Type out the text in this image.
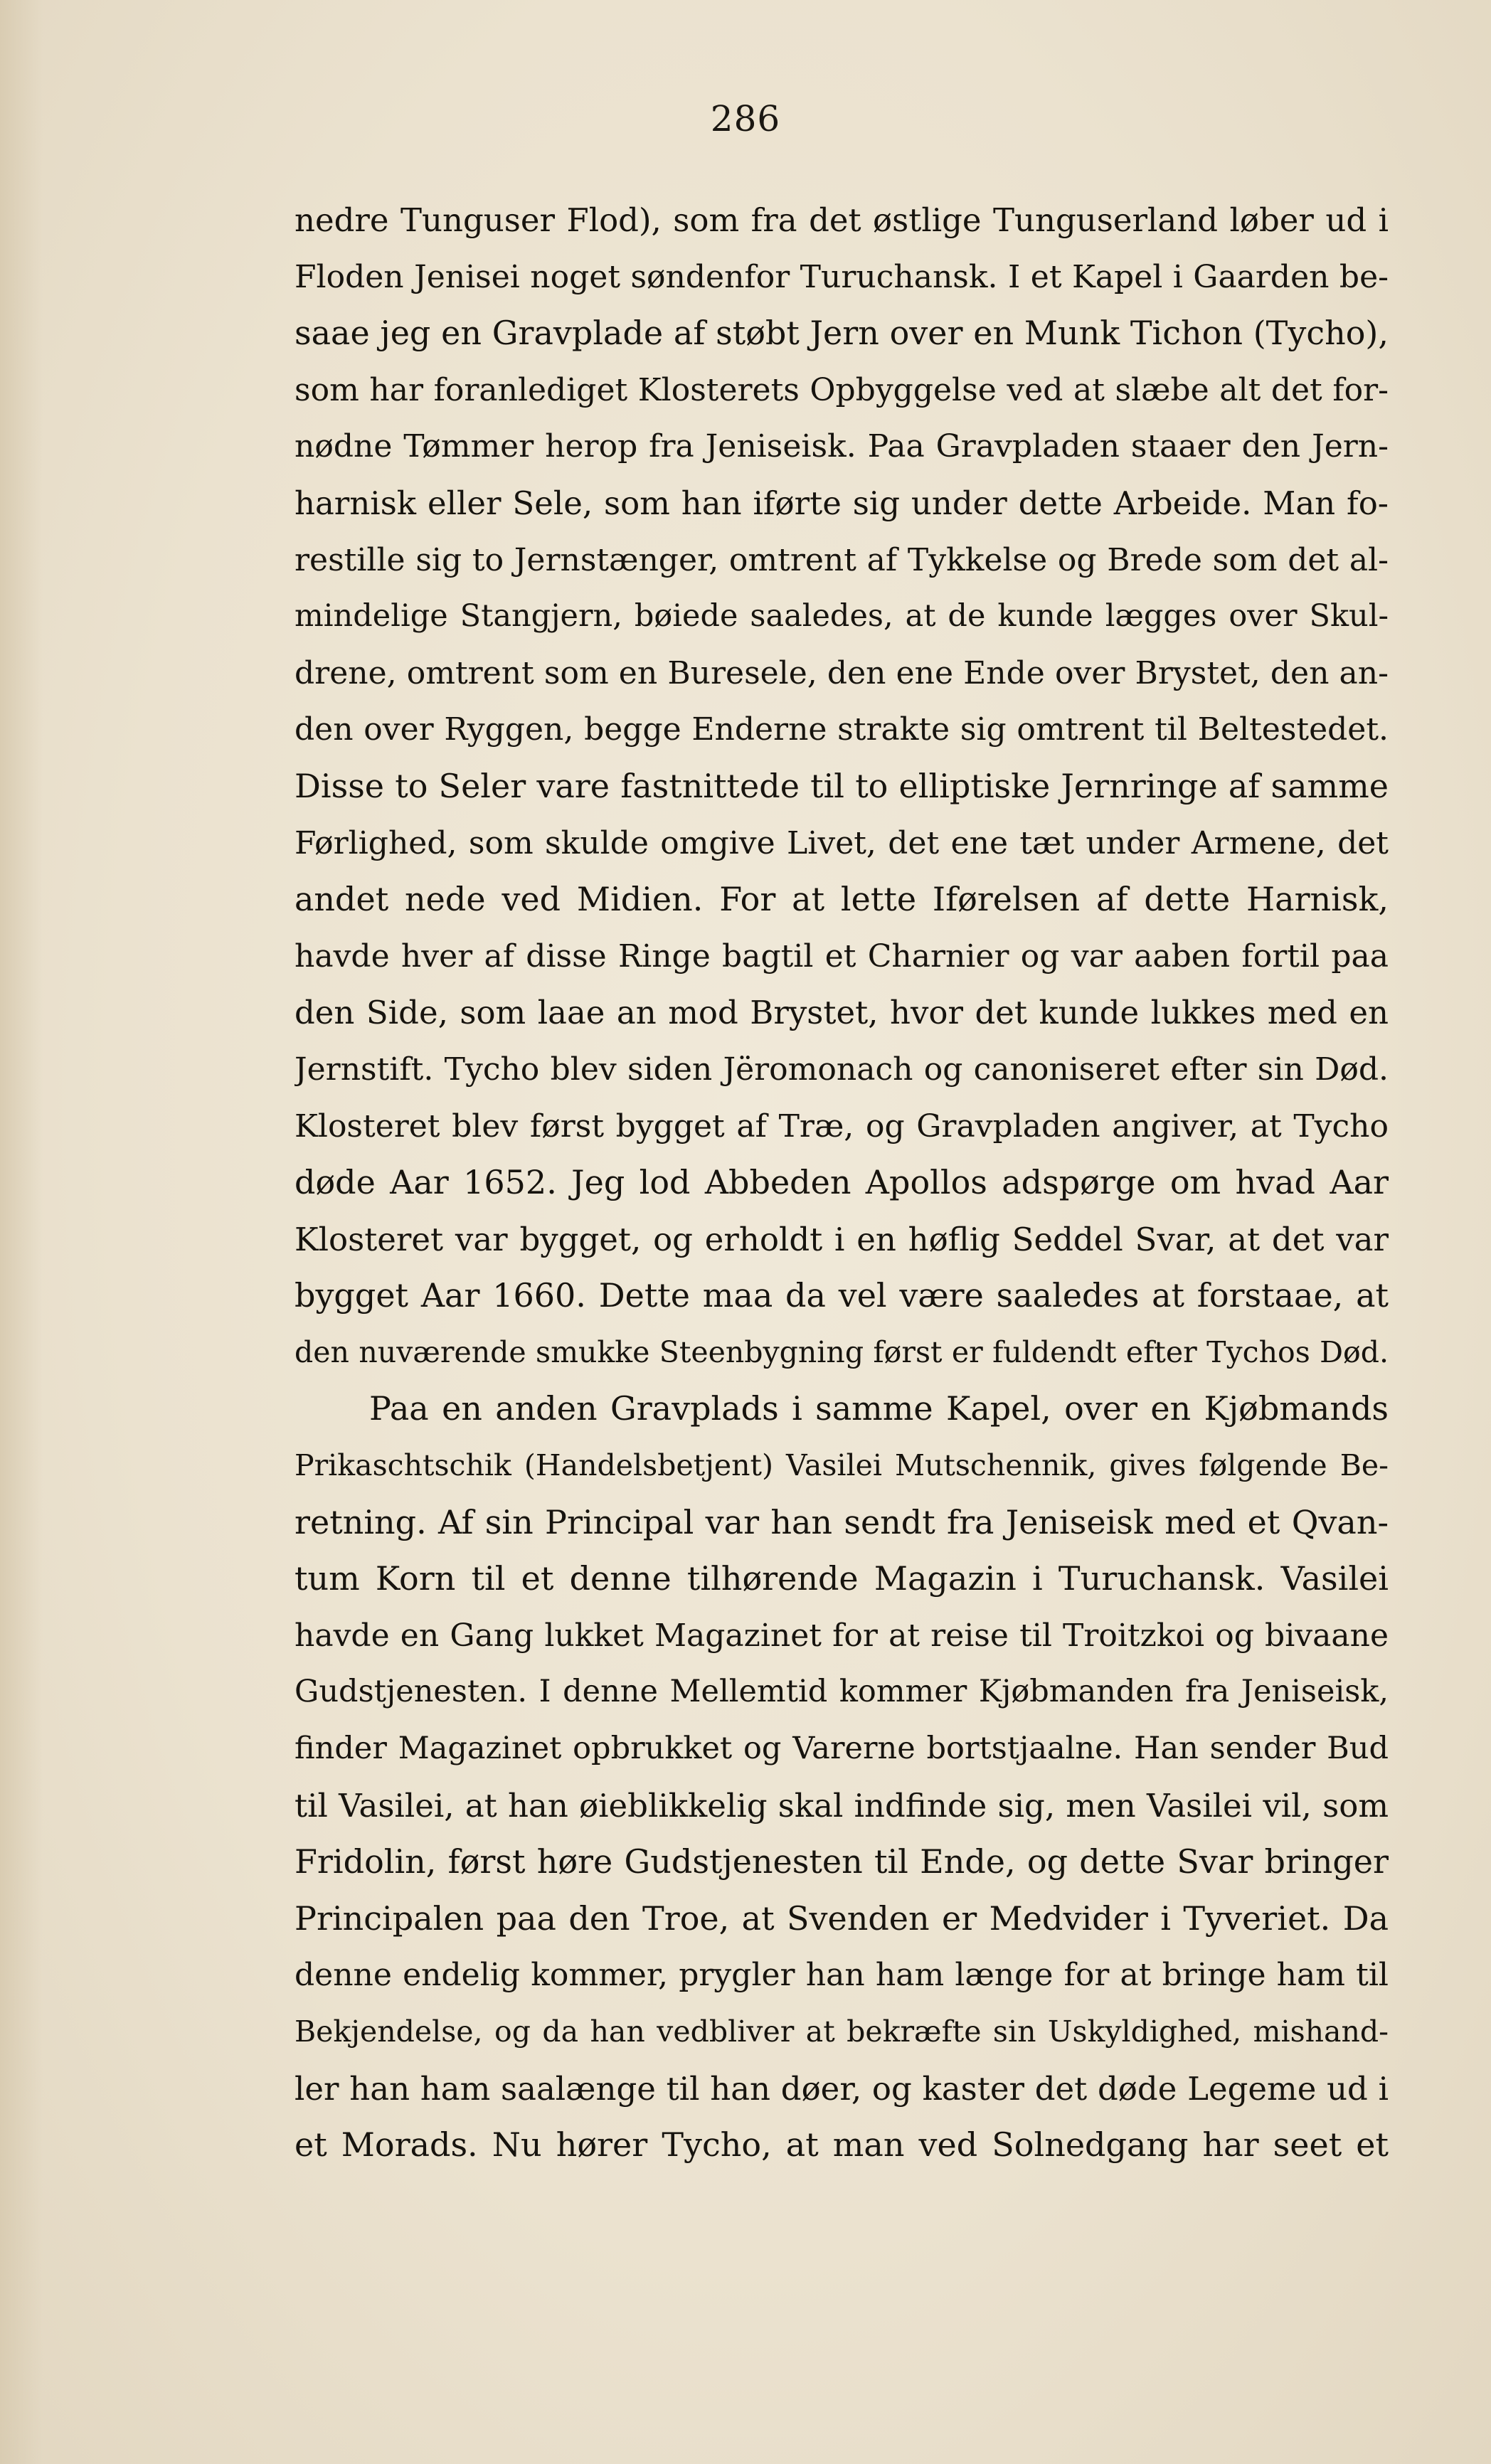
286
nedre Tunguser Flod), som fra det østlige Tunguserland løber ud i
Floden Jenisei noget søndenfor Turuchansk. I et Kapel i Gaarden be-
saae jeg en Gravplade af støbt Jern over en Munk Tichon (Tycho),
som har foranlediget Klosterets Opbyggelse ved at slæbe alt det for-
nødne Tømmer herop fra Jeniseisk. Paa Gravpladen staaer den Jern-
harnisk eller Sele, som han iførte sig under dette Arbeide. Man fo-
restille sig to Jernstænger, omtrent af Tykkelse og Brede som det al-
mindelige Stangjern, bøiede saaledes, at de kunde lægges over Skul-
drene, omtrent som en Buresele, den ene Ende over Brystet, den an-
den over Ryggen, begge Enderne strakte sig omtrent til Beltestedet.
Disse to Seler vare fastnittede til to elliptiske Jernringe af samme
Førlighed, som skulde omgive Livet, det ene tæt under Armene, det
andet nede ved Midien. For at lette Iførelsen af dette Harnisk,
havde hver af disse Ringe bagtil et Charnier og var aaben fortil paa
den Side, som laae an mod Brystet, hvor det kunde lukkes med en
Jernstift. Tycho blev siden Jëromonach og canoniseret efter sin Død.
Klosteret blev først bygget af Træ, og Gravpladen angiver, at Tycho
døde Aar 1652. Jeg lod Abbeden Apollos adspørge om hvad Aar
Klosteret var bygget, og erholdt i en høflig Seddel Svar, at det var
bygget Aar 1660. Dette maa da vel være saaledes at forstaae, at
den nuværende smukke Steenbygning først er fuldendt efter Tychos Død.
Paa en anden Gravplads i samme Kapel, over en Kjøbmands
Prikaschtschik (Handelsbetjent) Vasilei Mutschennik, gives følgende Be-
retning. Af sin Principal var han sendt fra Jeniseisk med et Qvan-
tum Korn til et denne tilhørende Magazin i Turuchansk. Vasilei
havde en Gang lukket Magazinet for at reise til Troitzkoi og bivaane
Gudstjenesten. I denne Mellemtid kommer Kjøbmanden fra Jeniseisk,
finder Magazinet opbrukket og Varerne bortstjaalne. Han sender Bud
til Vasilei, at han øieblikkelig skal indfinde sig, men Vasilei vil, som
Fridolin, først høre Gudstjenesten til Ende, og dette Svar bringer
Principalen paa den Troe, at Svenden er Medvider i Tyveriet. Da
denne endelig kommer, prygler han ham længe for at bringe ham til
Bekjendelse, og da han vedbliver at bekræfte sin Uskyldighed, mishand-
ler han ham saalænge til han døer, og kaster det døde Legeme ud i
et Morads. Nu hører Tycho, at man ved Solnedgang har seet et
